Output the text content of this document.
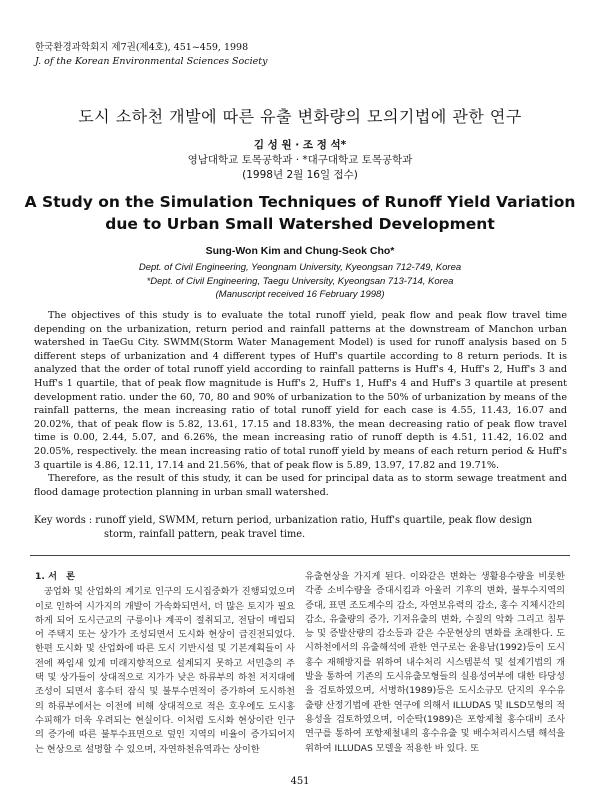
한국환경과학회지 제7권(제4호), 451~459, 1998
J. of the Korean Environmental Sciences Society
도시 소하천 개발에 따른 유출 변화량의 모의기법에 관한 연구
김 성 원 · 조 정 석*
영남대학교 토목공학과 · *대구대학교 토목공학과
(1998년 2월 16일 접수)
A Study on the Simulation Techniques of Runoff Yield Variation
due to Urban Small Watershed Development
Sung-Won Kim and Chung-Seok Cho*
Dept. of Civil Engineering, Yeongnam University, Kyeongsan 712-749, Korea
*Dept. of Civil Engineering, Taegu University, Kyeongsan 713-714, Korea
(Manuscript received 16 February 1998)

The objectives of this study is to evaluate the total runoff yield, peak flow and peak flow travel time depending on the urbanization, return period and rainfall patterns at the downstream of Manchon urban watershed in TaeGu City. SWMM(Storm Water Management Model) is used for runoff analysis based on 5 different steps of urbanization and 4 different types of Huff's quartile according to 8 return periods. It is analyzed that the order of total runoff yield according to rainfall patterns is Huff's 4, Huff's 2, Huff's 3 and Huff's 1 quartile, that of peak flow magnitude is Huff's 2, Huff's 1, Huff's 4 and Huff's 3 quartile at present development ratio. under the 60, 70, 80 and 90% of urbanization to the 50% of urbanization by means of the rainfall patterns, the mean increasing ratio of total runoff yield for each case is 4.55, 11.43, 16.07 and 20.02%, that of peak flow is 5.82, 13.61, 17.15 and 18.83%, the mean decreasing ratio of peak flow travel time is 0.00, 2.44, 5.07, and 6.26%, the mean increasing ratio of runoff depth is 4.51, 11.42, 16.02 and 20.05%, respectively. the mean increasing ratio of total runoff yield by means of each return period & Huff's 3 quartile is 4.86, 12.11, 17.14 and 21.56%, that of peak flow is 5.89, 13.97, 17.82 and 19.71%.

Therefore, as the result of this study, it can be used for principal data as to storm sewage treatment and flood damage protection planning in urban small watershed.

Key words : runoff yield, SWMM, return period, urbanization ratio, Huff's quartile, peak flow design
storm, rainfall pattern, peak travel time.
1. 서　론

공업화 및 산업화의 계기로 인구의 도시집중화가 진행되었으며 이로 인하여 시가지의 개발이 가속화되면서, 더 많은 토지가 필요하게 되어 도시근교의 구릉이나 계곡이 절취되고, 전답이 매립되어 주택지 또는 상가가 조성되면서 도시화 현상이 급진전되었다. 한편 도시화 및 산업화에 따른 도시 기반시설 및 기본계획들이 사전에 짜임새 있게 미래지향적으로 설계되지 못하고 서민층의 주택 및 상가들이 상대적으로 지가가 낮은 하류부의 하천 저지대에 조성이 되면서 홍수터 잠식 및 불투수면적이 증가하여 도시하천의 하류부에서는 이전에 비해 상대적으로 적은 호우에도 도시홍수피해가 더욱 우려되는 현실이다. 이처럼 도시화 현상이란 인구의 증가에 따른 불투수표면으로 덮인 지역의 비율이 증가되어지는 현상으로 설명할 수 있으며, 자연하천유역과는 상이한

유출현상을 가지게 된다. 이와같은 변화는 생활용수량을 비롯한 각종 소비수량을 증대시킴과 아울러 기후의 변화, 불투수지역의 증대, 표면 조도계수의 감소, 자연보유력의 감소, 홍수 지체시간의 감소, 유출량의 증가, 기저유출의 변화, 수질의 악화 그리고 침투능 및 증발산량의 감소등과 같은 수문현상의 변화를 초래한다. 도시하천에서의 유출해석에 관한 연구로는 윤용남(1992)등이 도시홍수 재해방지를 위하여 내수처리 시스템분석 및 설계기법의 개발을 통하여 기존의 도시유출모형들의 실용성여부에 대한 타당성을 검토하였으며, 서병하(1989)등은 도시소규모 단지의 우수유출량 산정기법에 관한 연구에 의해서 ILLUDAS 및 ILSD모형의 적용성을 검토하였으며, 이순탁(1989)은 포항제철 홍수대비 조사연구를 통하여 포항제철내의 홍수유출 및 배수처리시스템 해석을 위하여 ILLUDAS 모델을 적용한 바 있다. 또

451
